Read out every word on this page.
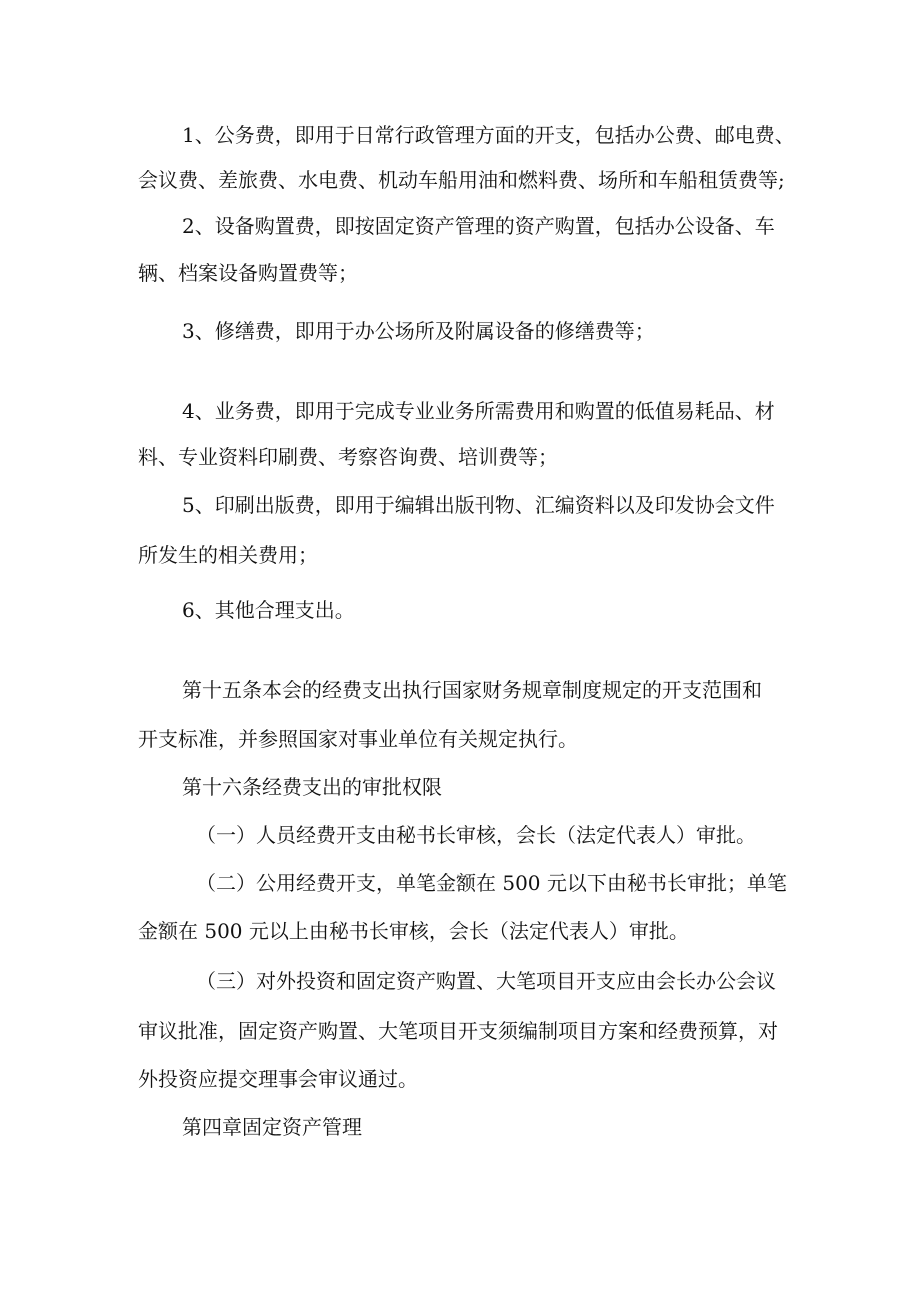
1、公务费，即用于日常行政管理方面的开支，包括办公费、邮电费、
会议费、差旅费、水电费、机动车船用油和燃料费、场所和车船租赁费等;
2、设备购置费，即按固定资产管理的资产购置，包括办公设备、车
辆、档案设备购置费等；
3、修缮费，即用于办公场所及附属设备的修缮费等；
4、业务费，即用于完成专业业务所需费用和购置的低值易耗品、材
料、专业资料印刷费、考察咨询费、培训费等；
5、印刷出版费，即用于编辑出版刊物、汇编资料以及印发协会文件
所发生的相关费用；
6、其他合理支出。
第十五条本会的经费支出执行国家财务规章制度规定的开支范围和
开支标准，并参照国家对事业单位有关规定执行。
第十六条经费支出的审批权限
（一）人员经费开支由秘书长审核，会长（法定代表人）审批。
（二）公用经费开支，单笔金额在 500 元以下由秘书长审批；单笔
金额在 500 元以上由秘书长审核，会长（法定代表人）审批。
（三）对外投资和固定资产购置、大笔项目开支应由会长办公会议
审议批准，固定资产购置、大笔项目开支须编制项目方案和经费预算，对
外投资应提交理事会审议通过。
第四章固定资产管理
